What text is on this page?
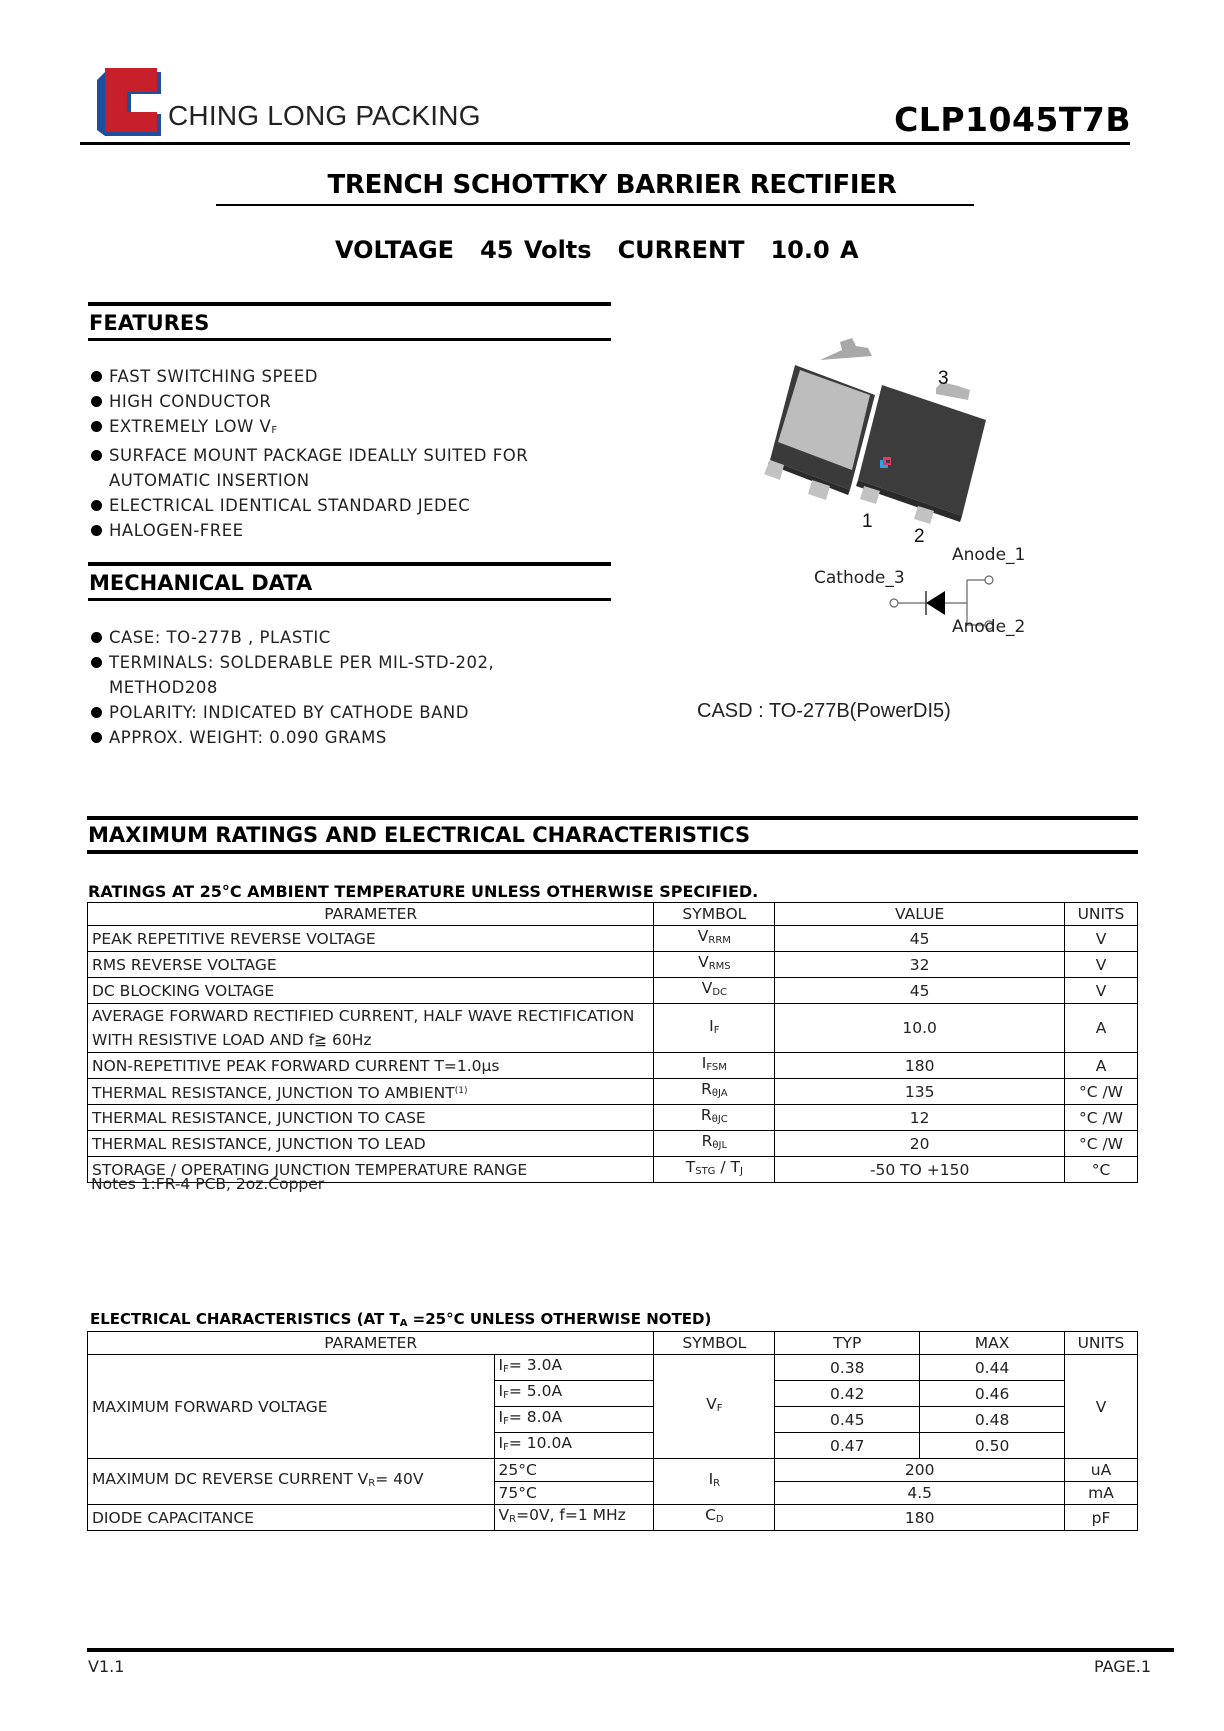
CHING LONG PACKING	CLP1045T7B
TRENCH SCHOTTKY BARRIER RECTIFIER
VOLTAGE 45 Volts CURRENT 10.0 A
FEATURES
FAST SWITCHING SPEED
HIGH CONDUCTOR
EXTREMELY LOW $V_F$
SURFACE MOUNT PACKAGE IDEALLY SUITED FOR
AUTOMATIC INSERTION
ELECTRICAL IDENTICAL STANDARD JEDEC
HALOGEN-FREE
MECHANICAL DATA
CASE: TO-277B , PLASTIC
TERMINALS: SOLDERABLE PER MIL-STD-202,
METHOD208
POLARITY: INDICATED BY CATHODE BAND
APPROX. WEIGHT: 0.090 GRAMS
3
1
2
Cathode_3
Anode_1
Anode_2
CASD : TO-277B(PowerDI5)
MAXIMUM RATINGS AND ELECTRICAL CHARACTERISTICS
RATINGS AT 25°C AMBIENT TEMPERATURE UNLESS OTHERWISE SPECIFIED.
PARAMETER	SYMBOL	VALUE	UNITS
PEAK REPETITIVE REVERSE VOLTAGE	$V_{RRM}$	45	V
RMS REVERSE VOLTAGE	$V_{RMS}$	32	V
DC BLOCKING VOLTAGE	$V_{DC}$	45	V
AVERAGE FORWARD RECTIFIED CURRENT, HALF WAVE RECTIFICATION
WITH RESISTIVE LOAD AND f≧ 60Hz	$I_F$	10.0	A
NON-REPETITIVE PEAK FORWARD CURRENT T=1.0μs	$I_{FSM}$	180	A
THERMAL RESISTANCE, JUNCTION TO AMBIENT$^{(1)}$	$R_{\theta JA}$	135	°C /W
THERMAL RESISTANCE, JUNCTION TO CASE	$R_{\theta JC}$	12	°C /W
THERMAL RESISTANCE, JUNCTION TO LEAD	$R_{\theta JL}$	20	°C /W
STORAGE / OPERATING JUNCTION TEMPERATURE RANGE	$T_{STG} / T_J$	-50 TO +150	°C
Notes 1:FR-4 PCB, 2oz.Copper
ELECTRICAL CHARACTERISTICS (AT $T_A =25^\circ C$ UNLESS OTHERWISE NOTED)
PARAMETER		SYMBOL	TYP	MAX	UNITS
MAXIMUM FORWARD VOLTAGE	$I_F= 3.0A$	$V_F$	0.38	0.44	V
	$I_F= 5.0A$		0.42	0.46	
	$I_F= 8.0A$		0.45	0.48	
	$I_F= 10.0A$		0.47	0.50	
MAXIMUM DC REVERSE CURRENT $V_R= 40V$	25°C	$I_R$	200		uA
	75°C		4.5		mA
DIODE CAPACITANCE	$V_R=0V$, f=1 MHz	$C_D$	180		pF
V1.1	PAGE.1
